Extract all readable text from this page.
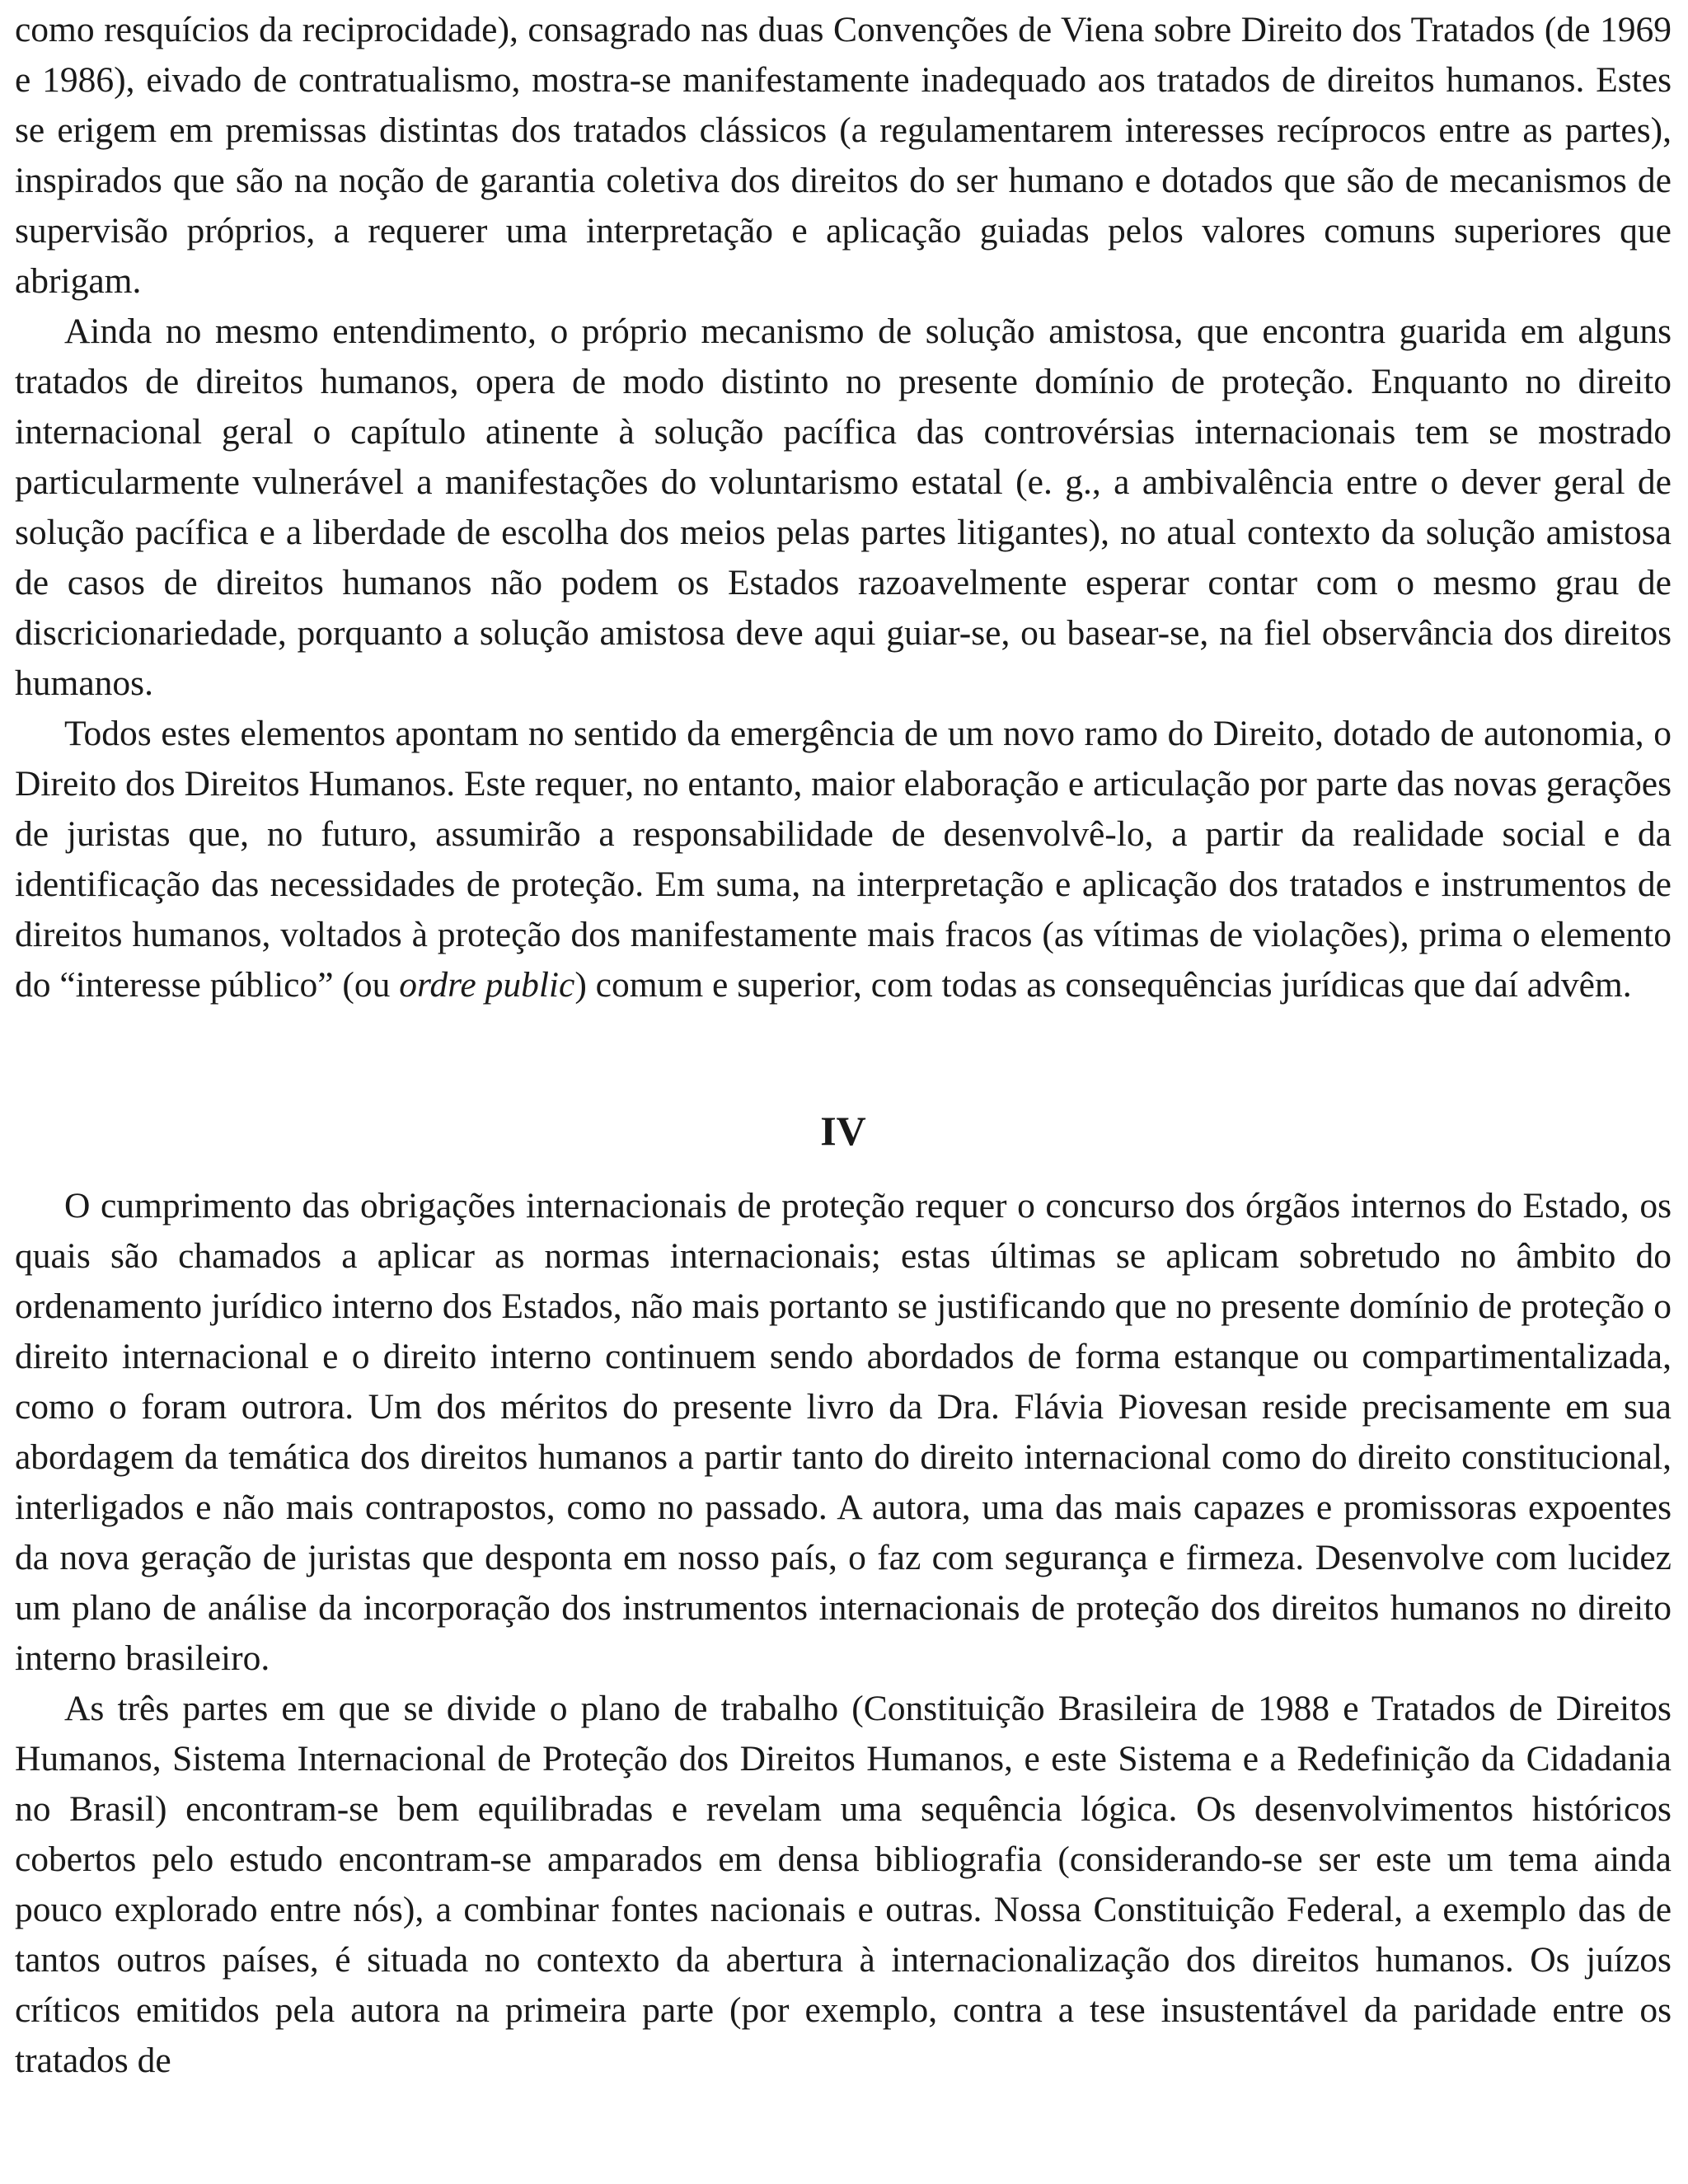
como resquícios da reciprocidade), consagrado nas duas Convenções de Viena sobre Direito dos Tratados (de 1969 e 1986), eivado de contratualismo, mostra-se manifestamente inadequado aos tratados de direitos humanos. Estes se erigem em premissas distintas dos tratados clássicos (a regulamentarem interesses recíprocos entre as partes), inspirados que são na noção de garantia coletiva dos direitos do ser humano e dotados que são de mecanismos de supervisão próprios, a requerer uma interpretação e aplicação guiadas pelos valores comuns superiores que abrigam.

Ainda no mesmo entendimento, o próprio mecanismo de solução amistosa, que encontra guarida em alguns tratados de direitos humanos, opera de modo distinto no presente domínio de proteção. Enquanto no direito internacional geral o capítulo atinente à solução pacífica das controvérsias internacionais tem se mostrado particularmente vulnerável a manifestações do voluntarismo estatal (e. g., a ambivalência entre o dever geral de solução pacífica e a liberdade de escolha dos meios pelas partes litigantes), no atual contexto da solução amistosa de casos de direitos humanos não podem os Estados razoavelmente esperar contar com o mesmo grau de discricionariedade, porquanto a solução amistosa deve aqui guiar-se, ou basear-se, na fiel observância dos direitos humanos.

Todos estes elementos apontam no sentido da emergência de um novo ramo do Direito, dotado de autonomia, o Direito dos Direitos Humanos. Este requer, no entanto, maior elaboração e articulação por parte das novas gerações de juristas que, no futuro, assumirão a responsabilidade de desenvolvê-lo, a partir da realidade social e da identificação das necessidades de proteção. Em suma, na interpretação e aplicação dos tratados e instrumentos de direitos humanos, voltados à proteção dos manifestamente mais fracos (as vítimas de violações), prima o elemento do “interesse público” (ou ordre public) comum e superior, com todas as consequências jurídicas que daí advêm.

IV

O cumprimento das obrigações internacionais de proteção requer o concurso dos órgãos internos do Estado, os quais são chamados a aplicar as normas internacionais; estas últimas se aplicam sobretudo no âmbito do ordenamento jurídico interno dos Estados, não mais portanto se justificando que no presente domínio de proteção o direito internacional e o direito interno continuem sendo abordados de forma estanque ou compartimentalizada, como o foram outrora. Um dos méritos do presente livro da Dra. Flávia Piovesan reside precisamente em sua abordagem da temática dos direitos humanos a partir tanto do direito internacional como do direito constitucional, interligados e não mais contrapostos, como no passado. A autora, uma das mais capazes e promissoras expoentes da nova geração de juristas que desponta em nosso país, o faz com segurança e firmeza. Desenvolve com lucidez um plano de análise da incorporação dos instrumentos internacionais de proteção dos direitos humanos no direito interno brasileiro.

As três partes em que se divide o plano de trabalho (Constituição Brasileira de 1988 e Tratados de Direitos Humanos, Sistema Internacional de Proteção dos Direitos Humanos, e este Sistema e a Redefinição da Cidadania no Brasil) encontram-se bem equilibradas e revelam uma sequência lógica. Os desenvolvimentos históricos cobertos pelo estudo encontram-se amparados em densa bibliografia (considerando-se ser este um tema ainda pouco explorado entre nós), a combinar fontes nacionais e outras. Nossa Constituição Federal, a exemplo das de tantos outros países, é situada no contexto da abertura à internacionalização dos direitos humanos. Os juízos críticos emitidos pela autora na primeira parte (por exemplo, contra a tese insustentável da paridade entre os tratados de
